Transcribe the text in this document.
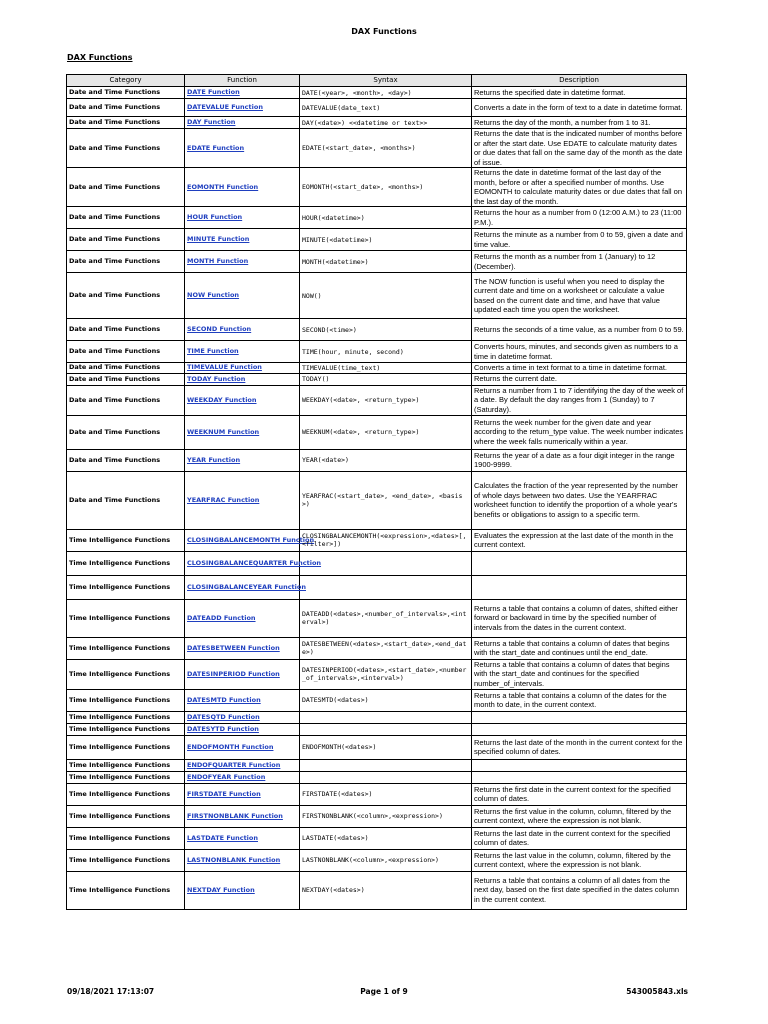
DAX Functions
DAX Functions
Category	Function	Syntax	Description
Date and Time Functions	DATE Function	DATE(<year>, <month>, <day>)	Returns the specified date in datetime format.
Date and Time Functions	DATEVALUE Function	DATEVALUE(date_text)	Converts a date in the form of text to a date in datetime format.
Date and Time Functions	DAY Function	DAY(<date>) <<datetime or text>>	Returns the day of the month, a number from 1 to 31.
Date and Time Functions	EDATE Function	EDATE(<start_date>, <months>)	Returns the date that is the indicated number of months before or after the start date. Use EDATE to calculate maturity dates or due dates that fall on the same day of the month as the date of issue.
Date and Time Functions	EOMONTH Function	EOMONTH(<start_date>, <months>)	Returns the date in datetime format of the last day of the month, before or after a specified number of months. Use EOMONTH to calculate maturity dates or due dates that fall on the last day of the month.
Date and Time Functions	HOUR Function	HOUR(<datetime>)	Returns the hour as a number from 0 (12:00 A.M.) to 23 (11:00 P.M.).
Date and Time Functions	MINUTE Function	MINUTE(<datetime>)	Returns the minute as a number from 0 to 59, given a date and time value.
Date and Time Functions	MONTH Function	MONTH(<datetime>)	Returns the month as a number from 1 (January) to 12 (December).
Date and Time Functions	NOW Function	NOW()	The NOW function is useful when you need to display the current date and time on a worksheet or calculate a value based on the current date and time, and have that value updated each time you open the worksheet.
Date and Time Functions	SECOND Function	SECOND(<time>)	Returns the seconds of a time value, as a number from 0 to 59.
Date and Time Functions	TIME Function	TIME(hour, minute, second)	Converts hours, minutes, and seconds given as numbers to a time in datetime format.
Date and Time Functions	TIMEVALUE Function	TIMEVALUE(time_text)	Converts a time in text format to a time in datetime format.
Date and Time Functions	TODAY Function	TODAY()	Returns the current date.
Date and Time Functions	WEEKDAY Function	WEEKDAY(<date>, <return_type>)	Returns a number from 1 to 7 identifying the day of the week of a date. By default the day ranges from 1 (Sunday) to 7 (Saturday).
Date and Time Functions	WEEKNUM Function	WEEKNUM(<date>, <return_type>)	Returns the week number for the given date and year according to the return_type value. The week number indicates where the week falls numerically within a year.
Date and Time Functions	YEAR Function	YEAR(<date>)	Returns the year of a date as a four digit integer in the range 1900-9999.
Date and Time Functions	YEARFRAC Function	YEARFRAC(<start_date>, <end_date>, <basis>)	Calculates the fraction of the year represented by the number of whole days between two dates. Use the YEARFRAC worksheet function to identify the proportion of a whole year's benefits or obligations to assign to a specific term.
Time Intelligence Functions	CLOSINGBALANCEMONTH Function	CLOSINGBALANCEMONTH(<expression>,<dates>[,<filter>])	Evaluates the expression at the last date of the month in the current context.
Time Intelligence Functions	CLOSINGBALANCEQUARTER Function		
Time Intelligence Functions	CLOSINGBALANCEYEAR Function		
Time Intelligence Functions	DATEADD Function	DATEADD(<dates>,<number_of_intervals>,<interval>)	Returns a table that contains a column of dates, shifted either forward or backward in time by the specified number of intervals from the dates in the current context.
Time Intelligence Functions	DATESBETWEEN Function	DATESBETWEEN(<dates>,<start_date>,<end_date>)	Returns a table that contains a column of dates that begins with the start_date and continues until the end_date.
Time Intelligence Functions	DATESINPERIOD Function	DATESINPERIOD(<dates>,<start_date>,<number_of_intervals>,<interval>)	Returns a table that contains a column of dates that begins with the start_date and continues for the specified number_of_intervals.
Time Intelligence Functions	DATESMTD Function	DATESMTD(<dates>)	Returns a table that contains a column of the dates for the month to date, in the current context.
Time Intelligence Functions	DATESQTD Function		
Time Intelligence Functions	DATESYTD Function		
Time Intelligence Functions	ENDOFMONTH Function	ENDOFMONTH(<dates>)	Returns the last date of the month in the current context for the specified column of dates.
Time Intelligence Functions	ENDOFQUARTER Function		
Time Intelligence Functions	ENDOFYEAR Function		
Time Intelligence Functions	FIRSTDATE Function	FIRSTDATE(<dates>)	Returns the first date in the current context for the specified column of dates.
Time Intelligence Functions	FIRSTNONBLANK Function	FIRSTNONBLANK(<column>,<expression>)	Returns the first value in the column, column, filtered by the current context, where the expression is not blank.
Time Intelligence Functions	LASTDATE Function	LASTDATE(<dates>)	Returns the last date in the current context for the specified column of dates.
Time Intelligence Functions	LASTNONBLANK Function	LASTNONBLANK(<column>,<expression>)	Returns the last value in the column, column, filtered by the current context, where the expression is not blank.
Time Intelligence Functions	NEXTDAY Function	NEXTDAY(<dates>)	Returns a table that contains a column of all dates from the next day, based on the first date specified in the dates column in the current context.
09/18/2021 17:13:07	Page 1 of 9	543005843.xls
